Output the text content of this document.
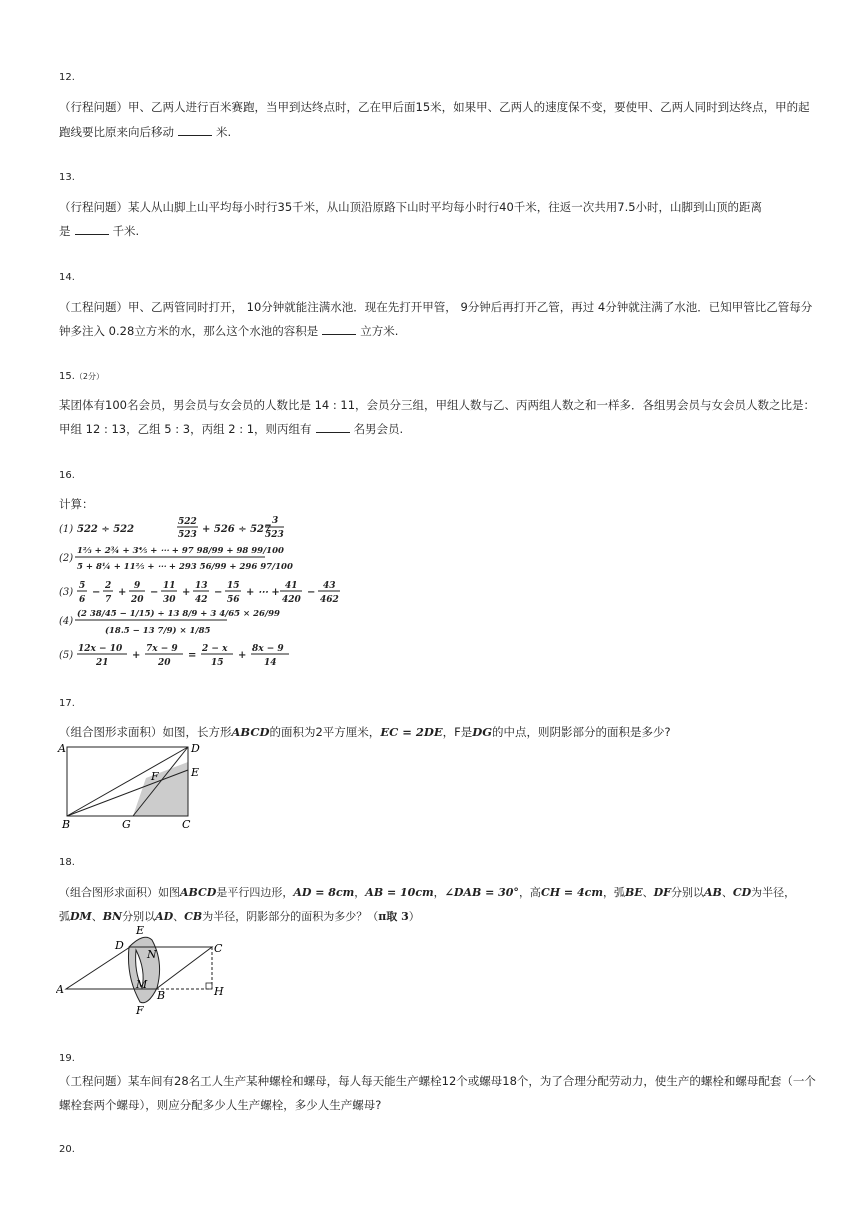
12.
（行程问题）甲、乙两人进行百米赛跑，当甲到达终点时，乙在甲后面15米，如果甲、乙两人的速度保不变，要使甲、乙两人同时到达终点，甲的起
跑线要比原来向后移动	米.
13.
（行程问题）某人从山脚上山平均每小时行35千米，从山顶沿原路下山时平均每小时行40千米，往返一次共用7.5小时，山脚到山顶的距离
是	千米.
14.
（工程问题）甲、乙两管同时打开， 10分钟就能注满水池．现在先打开甲管， 9分钟后再打开乙管，再过 4分钟就注满了水池．已知甲管比乙管每分
钟多注入 0.28立方米的水，那么这个水池的容积是	立方米.
15.（2分）
某团体有100名会员，男会员与女会员的人数比是 14 : 11，会员分三组，甲组人数与乙、丙两组人数之和一样多．各组男会员与女会员人数之比是：
甲组 12 : 13，乙组 5 : 3，丙组 2 : 1，则丙组有	名男会员.
16.
计算：
(1) 522 ÷ 522
522
523 + 526 ÷ 527
3
523
(2)
1⅔ + 2¾ + 3⅘ + ⋯ + 97 98/99 + 98 99/100
5 + 8¼ + 11⅖ + ⋯ + 293 56/99 + 296 97/100
(3)
5
6
−
2
7
+
9
20
−
11
30
+
13
42
−
15
56
+ ⋯ +
41
420
−
43
462
(4)
(2 38/45 − 1/15) ÷ 13 8/9 + 3 4/65 × 26/99
(18.5 − 13 7/9) × 1/85
(5)
12x − 10
21
+
7x − 9
20
=
2 − x
15
+
8x − 9
14
17.
（组合图形求面积）如图，长方形ABCD的面积为2平方厘米，EC = 2DE，F是DG的中点，则阴影部分的面积是多少?
A	D
E
F
B	G	C
18.
（组合图形求面积）如图ABCD是平行四边形，AD = 8cm，AB = 10cm，∠DAB = 30°，高CH = 4cm，弧BE、DF分别以AB、CD为半径，
弧DM、BN分别以AD、CB为半径，阴影部分的面积为多少？（π取 3）
A	B
C
D
E
F
H
M
N
19.
（工程问题）某车间有28名工人生产某种螺栓和螺母，每人每天能生产螺栓12个或螺母18个，为了合理分配劳动力，使生产的螺栓和螺母配套（一个
螺栓套两个螺母），则应分配多少人生产螺栓，多少人生产螺母?
20.
